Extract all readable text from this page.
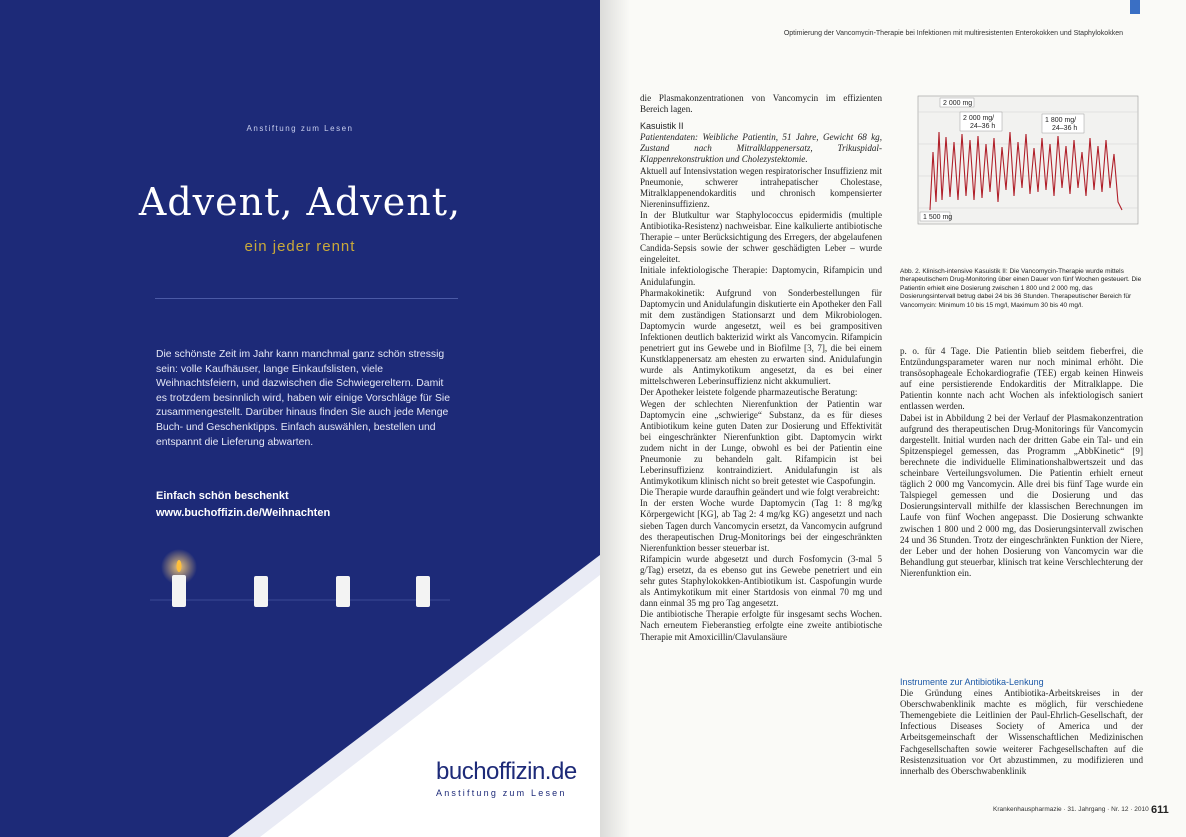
Anstiftung zum Lesen
Advent, Advent,
ein jeder rennt
Die schönste Zeit im Jahr kann manchmal ganz schön stressig sein: volle Kaufhäuser, lange Einkaufslisten, viele Weihnachtsfeiern, und dazwischen die Schwiegereltern. Damit es trotzdem besinnlich wird, haben wir einige Vorschläge für Sie zusammengestellt. Darüber hinaus finden Sie auch jede Menge Buch- und Geschenktipps. Einfach auswählen, bestellen und entspannt die Lieferung abwarten.
Einfach schön beschenkt
www.buchoffizin.de/Weihnachten
buchoffizin.de
Anstiftung zum Lesen
Optimierung der Vancomycin-Therapie bei Infektionen mit multiresistenten Enterokokken und Staphylokokken

die Plasmakonzentrationen von Vancomycin im effizienten Bereich lagen.

Kasuistik II

Patientendaten: Weibliche Patientin, 51 Jahre, Gewicht 68 kg, Zustand nach Mitralklappenersatz, Trikuspidal-Klappenrekonstruktion und Cholezystektomie.

Aktuell auf Intensivstation wegen respiratorischer Insuffizienz mit Pneumonie, schwerer intrahepatischer Cholestase, Mitralklappenendokarditis und chronisch kompensierter Niereninsuffizienz.

In der Blutkultur war Staphylococcus epidermidis (multiple Antibiotika-Resistenz) nachweisbar. Eine kalkulierte antibiotische Therapie – unter Berücksichtigung des Erregers, der abgelaufenen Candida-Sepsis sowie der schwer geschädigten Leber – wurde eingeleitet.

Initiale infektiologische Therapie: Daptomycin, Rifampicin und Anidulafungin.

Pharmakokinetik: Aufgrund von Sonderbestellungen für Daptomycin und Anidulafungin diskutierte ein Apotheker den Fall mit dem zuständigen Stationsarzt und dem Mikrobiologen. Daptomycin wurde angesetzt, weil es bei grampositiven Infektionen deutlich bakterizid wirkt als Vancomycin. Rifampicin penetriert gut ins Gewebe und in Biofilme [3, 7], die bei einem Kunstklappenersatz am ehesten zu erwarten sind. Anidulafungin wurde als Antimykotikum angesetzt, da es bei einer mittelschweren Leberinsuffizienz nicht akkumuliert.

Der Apotheker leistete folgende pharmazeutische Beratung:

Wegen der schlechten Nierenfunktion der Patientin war Daptomycin eine „schwierige“ Substanz, da es für dieses Antibiotikum keine guten Daten zur Dosierung und Effektivität bei eingeschränkter Nierenfunktion gibt. Daptomycin wirkt zudem nicht in der Lunge, obwohl es bei der Patientin eine Pneumonie zu behandeln galt. Rifampicin ist bei Leberinsuffizienz kontraindiziert. Anidulafungin ist als Antimykotikum klinisch nicht so breit getestet wie Caspofungin.

Die Therapie wurde daraufhin geändert und wie folgt verabreicht:

In der ersten Woche wurde Daptomycin (Tag 1: 8 mg/kg Körpergewicht [KG], ab Tag 2: 4 mg/kg KG) angesetzt und nach sieben Tagen durch Vancomycin ersetzt, da Vancomycin aufgrund des therapeutischen Drug-Monitorings bei der eingeschränkten Nierenfunktion besser steuerbar ist.

Rifampicin wurde abgesetzt und durch Fosfomycin (3-mal 5 g/Tag) ersetzt, da es ebenso gut ins Gewebe penetriert und ein sehr gutes Staphylokokken-Antibiotikum ist. Caspofungin wurde als Antimykotikum mit einer Startdosis von einmal 70 mg und dann einmal 35 mg pro Tag angesetzt.

Die antibiotische Therapie erfolgte für insgesamt sechs Wochen. Nach erneutem Fieberanstieg erfolgte eine zweite antibiotische Therapie mit Amoxicillin/Clavulansäure

2 000 mg
2 000 mg/
24–36 h
1 800 mg/
24–36 h
1 500 mg
Abb. 2. Klinisch-intensive Kasuistik II: Die Vancomycin-Therapie wurde mittels therapeutischem Drug-Monitoring über einen Dauer von fünf Wochen gesteuert. Die Patientin erhielt eine Dosierung zwischen 1 800 und 2 000 mg, das Dosierungsintervall betrug dabei 24 bis 36 Stunden. Therapeutischer Bereich für Vancomycin: Minimum 10 bis 15 mg/l, Maximum 30 bis 40 mg/l.

p. o. für 4 Tage. Die Patientin blieb seitdem fieberfrei, die Entzündungsparameter waren nur noch minimal erhöht. Die transösophageale Echokardiografie (TEE) ergab keinen Hinweis auf eine persistierende Endokarditis der Mitralklappe. Die Patientin konnte nach acht Wochen als infektiologisch saniert entlassen werden.

Dabei ist in Abbildung 2 bei der Verlauf der Plasmakonzentration aufgrund des therapeutischen Drug-Monitorings für Vancomycin dargestellt. Initial wurden nach der dritten Gabe ein Tal- und ein Spitzenspiegel gemessen, das Programm „AbbKinetic“ [9] berechnete die individuelle Eliminationshalbwertszeit und das scheinbare Verteilungsvolumen. Die Patientin erhielt erneut täglich 2 000 mg Vancomycin. Alle drei bis fünf Tage wurde ein Talspiegel gemessen und die Dosierung und das Dosierungsintervall mithilfe der klassischen Berechnungen im Laufe von fünf Wochen angepasst. Die Dosierung schwankte zwischen 1 800 und 2 000 mg, das Dosierungsintervall zwischen 24 und 36 Stunden. Trotz der eingeschränkten Funktion der Niere, der Leber und der hohen Dosierung von Vancomycin war die Behandlung gut steuerbar, klinisch trat keine Verschlechterung der Nierenfunktion ein.

Instrumente zur Antibiotika-Lenkung

Die Gründung eines Antibiotika-Arbeitskreises in der Oberschwabenklinik machte es möglich, für verschiedene Themengebiete die Leitlinien der Paul-Ehrlich-Gesellschaft, der Infectious Diseases Society of America und der Arbeitsgemeinschaft der Wissenschaftlichen Medizinischen Fachgesellschaften sowie weiterer Fachgesellschaften auf die Resistenzsituation vor Ort abzustimmen, zu modifizieren und innerhalb des Oberschwabenklinik

Krankenhauspharmazie · 31. Jahrgang · Nr. 12 · 2010 611
